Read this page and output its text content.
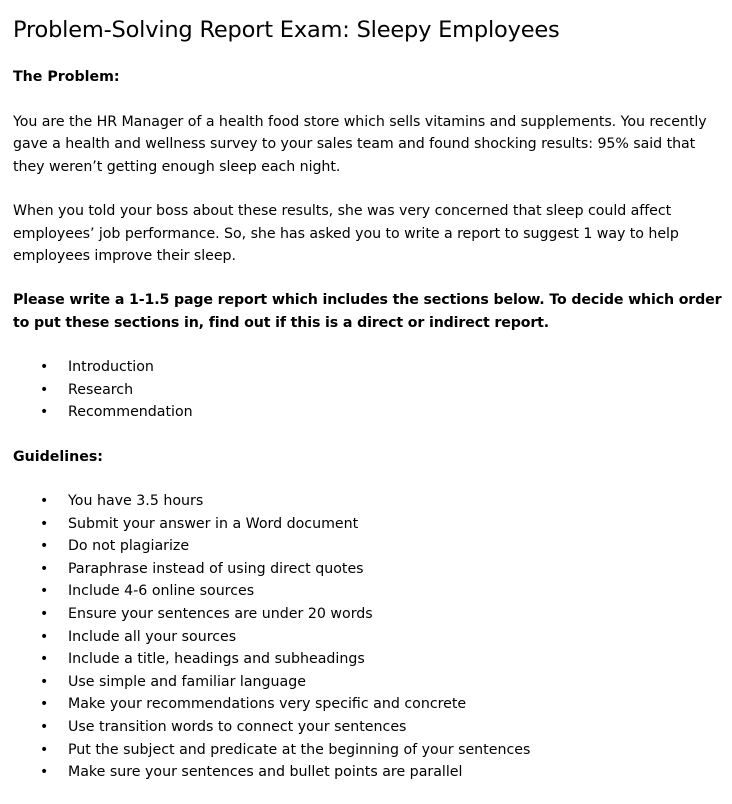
Problem-Solving Report Exam: Sleepy Employees

The Problem:

You are the HR Manager of a health food store which sells vitamins and supplements. You recently gave a health and wellness survey to your sales team and found shocking results: 95% said that they weren’t getting enough sleep each night.

When you told your boss about these results, she was very concerned that sleep could affect employees’ job performance. So, she has asked you to write a report to suggest 1 way to help employees improve their sleep.

Please write a 1-1.5 page report which includes the sections below. To decide which order to put these sections in, find out if this is a direct or indirect report.

• Introduction
• Research
• Recommendation

Guidelines:

• You have 3.5 hours
• Submit your answer in a Word document
• Do not plagiarize
• Paraphrase instead of using direct quotes
• Include 4-6 online sources
• Ensure your sentences are under 20 words
• Include all your sources
• Include a title, headings and subheadings
• Use simple and familiar language
• Make your recommendations very specific and concrete
• Use transition words to connect your sentences
• Put the subject and predicate at the beginning of your sentences
• Make sure your sentences and bullet points are parallel
